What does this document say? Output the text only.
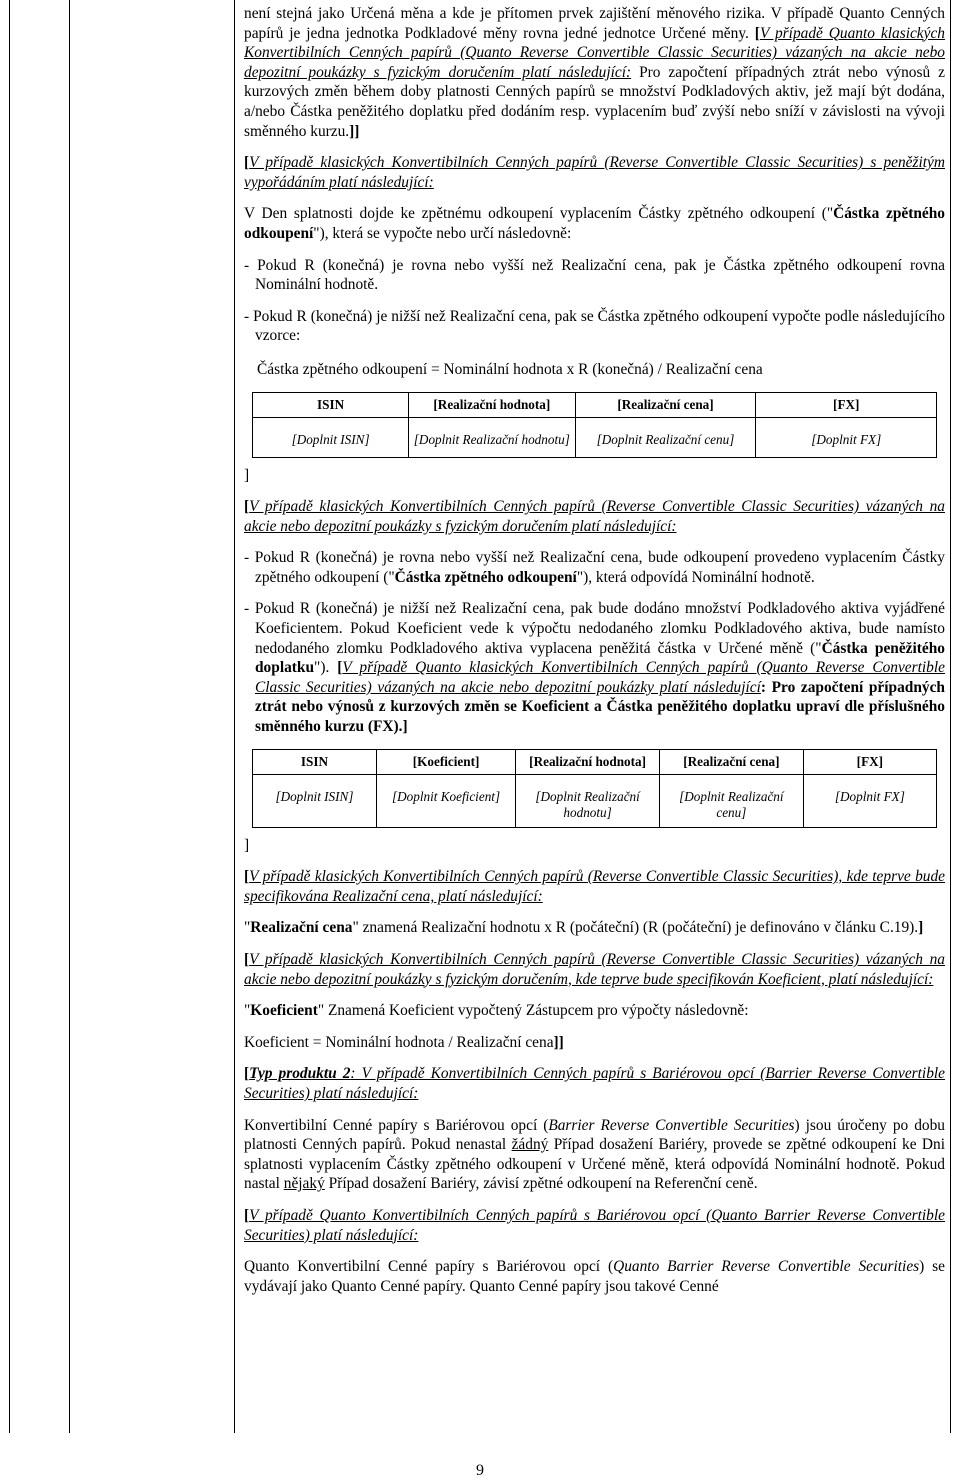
není stejná jako Určená měna a kde je přítomen prvek zajištění měnového rizika. V případě Quanto Cenných papírů je jedna jednotka Podkladové měny rovna jedné jednotce Určené měny. [V případě Quanto klasických Konvertibilních Cenných papírů (Quanto Reverse Convertible Classic Securities) vázaných na akcie nebo depozitní poukázky s fyzickým doručením platí následující: Pro započtení případných ztrát nebo výnosů z kurzových změn během doby platnosti Cenných papírů se množství Podkladových aktiv, jež mají být dodána, a/nebo Částka peněžitého doplatku před dodáním resp. vyplacením buď zvýší nebo sníží v závislosti na vývoji směnného kurzu.]]

[V případě klasických Konvertibilních Cenných papírů (Reverse Convertible Classic Securities) s peněžitým vypořádáním platí následující:

V Den splatnosti dojde ke zpětnému odkoupení vyplacením Částky zpětného odkoupení ("Částka zpětného odkoupení"), která se vypočte nebo určí následovně:

- Pokud R (konečná) je rovna nebo vyšší než Realizační cena, pak je Částka zpětného odkoupení rovna Nominální hodnotě.

- Pokud R (konečná) je nižší než Realizační cena, pak se Částka zpětného odkoupení vypočte podle následujícího vzorce:

Částka zpětného odkoupení = Nominální hodnota x R (konečná) / Realizační cena

ISIN	[Realizační hodnota]	[Realizační cena]	[FX]
[Doplnit ISIN]	[Doplnit Realizační hodnotu]	[Doplnit Realizační cenu]	[Doplnit FX]

]

[V případě klasických Konvertibilních Cenných papírů (Reverse Convertible Classic Securities) vázaných na akcie nebo depozitní poukázky s fyzickým doručením platí následující:

- Pokud R (konečná) je rovna nebo vyšší než Realizační cena, bude odkoupení provedeno vyplacením Částky zpětného odkoupení ("Částka zpětného odkoupení"), která odpovídá Nominální hodnotě.

- Pokud R (konečná) je nižší než Realizační cena, pak bude dodáno množství Podkladového aktiva vyjádřené Koeficientem. Pokud Koeficient vede k výpočtu nedodaného zlomku Podkladového aktiva, bude namísto nedodaného zlomku Podkladového aktiva vyplacena peněžitá částka v Určené měně ("Částka peněžitého doplatku"). [V případě Quanto klasických Konvertibilních Cenných papírů (Quanto Reverse Convertible Classic Securities) vázaných na akcie nebo depozitní poukázky platí následující: Pro započtení případných ztrát nebo výnosů z kurzových změn se Koeficient a Částka peněžitého doplatku upraví dle příslušného směnného kurzu (FX).]

ISIN	[Koeficient]	[Realizační hodnota]	[Realizační cena]	[FX]
[Doplnit ISIN]	[Doplnit Koeficient]	[Doplnit Realizační hodnotu]	[Doplnit Realizační cenu]	[Doplnit FX]

]

[V případě klasických Konvertibilních Cenných papírů (Reverse Convertible Classic Securities), kde teprve bude specifikována Realizační cena, platí následující:

"Realizační cena" znamená Realizační hodnotu x R (počáteční) (R (počáteční) je definováno v článku C.19).]

[V případě klasických Konvertibilních Cenných papírů (Reverse Convertible Classic Securities) vázaných na akcie nebo depozitní poukázky s fyzickým doručením, kde teprve bude specifikován Koeficient, platí následující:

"Koeficient" Znamená Koeficient vypočtený Zástupcem pro výpočty následovně:

Koeficient = Nominální hodnota / Realizační cena]]

[Typ produktu 2: V případě Konvertibilních Cenných papírů s Bariérovou opcí (Barrier Reverse Convertible Securities) platí následující:

Konvertibilní Cenné papíry s Bariérovou opcí (Barrier Reverse Convertible Securities) jsou úročeny po dobu platnosti Cenných papírů. Pokud nenastal žádný Případ dosažení Bariéry, provede se zpětné odkoupení ke Dni splatnosti vyplacením Částky zpětného odkoupení v Určené měně, která odpovídá Nominální hodnotě. Pokud nastal nějaký Případ dosažení Bariéry, závisí zpětné odkoupení na Referenční ceně.

[V případě Quanto Konvertibilních Cenných papírů s Bariérovou opcí (Quanto Barrier Reverse Convertible Securities) platí následující:

Quanto Konvertibilní Cenné papíry s Bariérovou opcí (Quanto Barrier Reverse Convertible Securities) se vydávají jako Quanto Cenné papíry. Quanto Cenné papíry jsou takové Cenné

9
